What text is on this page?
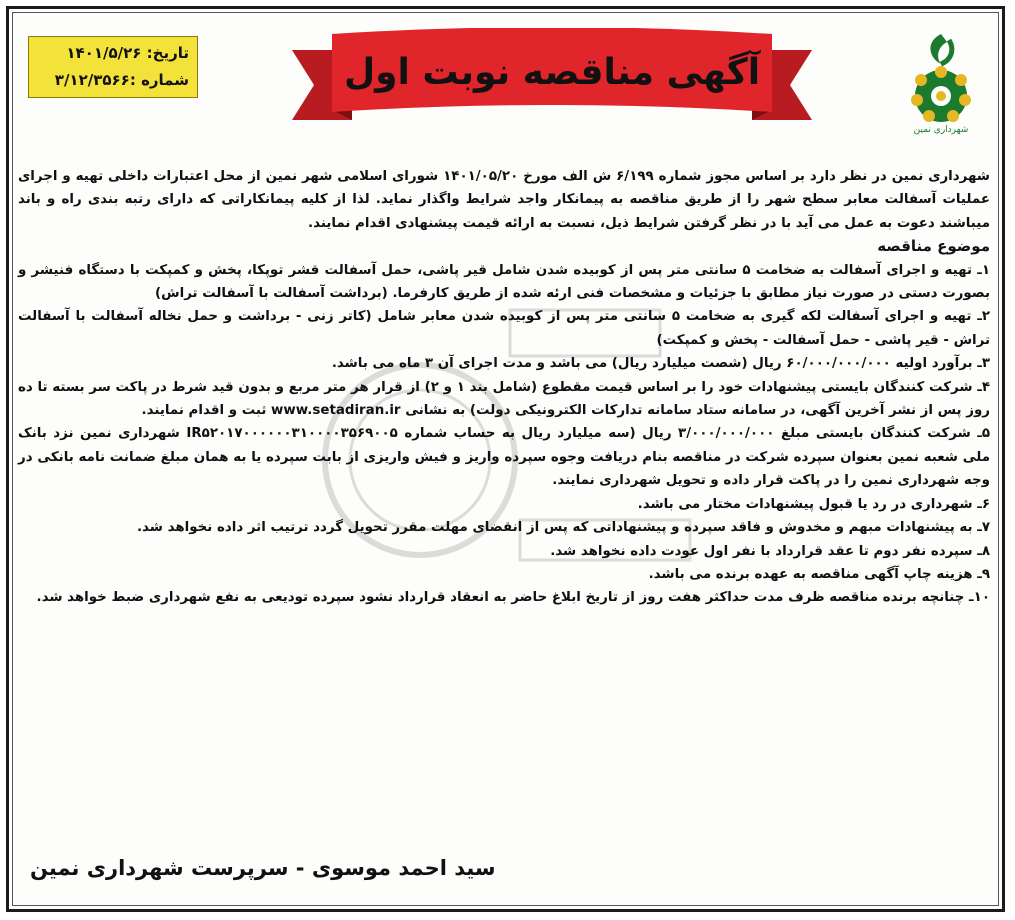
تاریخ: ۱۴۰۱/۵/۲۶
شماره :۳/۱۲/۳۵۶۶	آگهی مناقصه نوبت اول
شهرداری نمین

شهرداری نمین در نظر دارد بر اساس مجوز شماره ۶/۱۹۹ ش الف مورخ ۱۴۰۱/۰۵/۲۰ شورای اسلامی شهر نمین از محل اعتبارات داخلی تهیه و اجرای عملیات آسفالت معابر سطح شهر را از طریق مناقصه به پیمانکار واجد شرایط واگذار نماید. لذا از کلیه پیمانکاراتی که دارای رتبه بندی راه و باند میباشند دعوت به عمل می آید با در نظر گرفتن شرایط ذیل، نسبت به ارائه قیمت پیشنهادی اقدام نمایند.

موضوع مناقصه

۱ـ تهیه و اجرای آسفالت به ضخامت ۵ سانتی متر پس از کوبیده شدن شامل قیر پاشی، حمل آسفالت قشر توپکا، پخش و کمپکت با دستگاه فنیشر و بصورت دستی در صورت نیاز مطابق با جزئیات و مشخصات فنی ارئه شده از طریق کارفرما. (برداشت آسفالت با آسفالت تراش)

۲ـ تهیه و اجرای آسفالت لکه گیری به ضخامت ۵ سانتی متر پس از کوبیده شدن معابر شامل (کاتر زنی - برداشت و حمل نخاله آسفالت با آسفالت تراش - قیر پاشی - حمل آسفالت - پخش و کمپکت)

۳ـ برآورد اولیه ۶۰/۰۰۰/۰۰۰/۰۰۰ ریال (شصت میلیارد ریال) می باشد و مدت اجرای آن ۳ ماه می باشد.

۴ـ شرکت کنندگان بایستی پیشنهادات خود را بر اساس قیمت مقطوع (شامل بند ۱ و ۲) از قرار هر متر مربع و بدون قید شرط در پاکت سر بسته تا ده روز پس از نشر آخرین آگهی، در سامانه ستاد سامانه تدارکات الکترونیکی دولت) به نشانی www.setadiran.ir ثبت و اقدام نمایند.

۵ـ شرکت کنندگان بایستی مبلغ ۳/۰۰۰/۰۰۰/۰۰۰ ریال (سه میلیارد ریال به حساب شماره IR۵۲۰۱۷۰۰۰۰۰۰۳۱۰۰۰۰۳۵۶۹۰۰۵ شهرداری نمین نزد بانک ملی شعبه نمین بعنوان سپرده شرکت در مناقصه بنام دریافت وجوه سپرده واریز و فیش واریزی از بابت سپرده یا به همان مبلغ ضمانت نامه بانکی در وجه شهرداری نمین را در پاکت قرار داده و تحویل شهرداری نمایند.

۶ـ شهرداری در رد یا قبول پیشنهادات مختار می باشد.

۷ـ به پیشنهادات مبهم و مخدوش و فاقد سپرده و پیشنهاداتی که پس از انقضای مهلت مقرر تحویل گردد ترتیب اثر داده نخواهد شد.

۸ـ سپرده نفر دوم تا عقد قرارداد با نفر اول عودت داده نخواهد شد.

۹ـ هزینه چاپ آگهی مناقصه به عهده برنده می باشد.

۱۰ـ چنانچه برنده مناقصه ظرف مدت حداکثر هفت روز از تاریخ ابلاغ حاضر به انعقاد قرارداد نشود سپرده تودیعی به نفع شهرداری ضبط خواهد شد.

سید احمد موسوی - سرپرست شهرداری نمین
